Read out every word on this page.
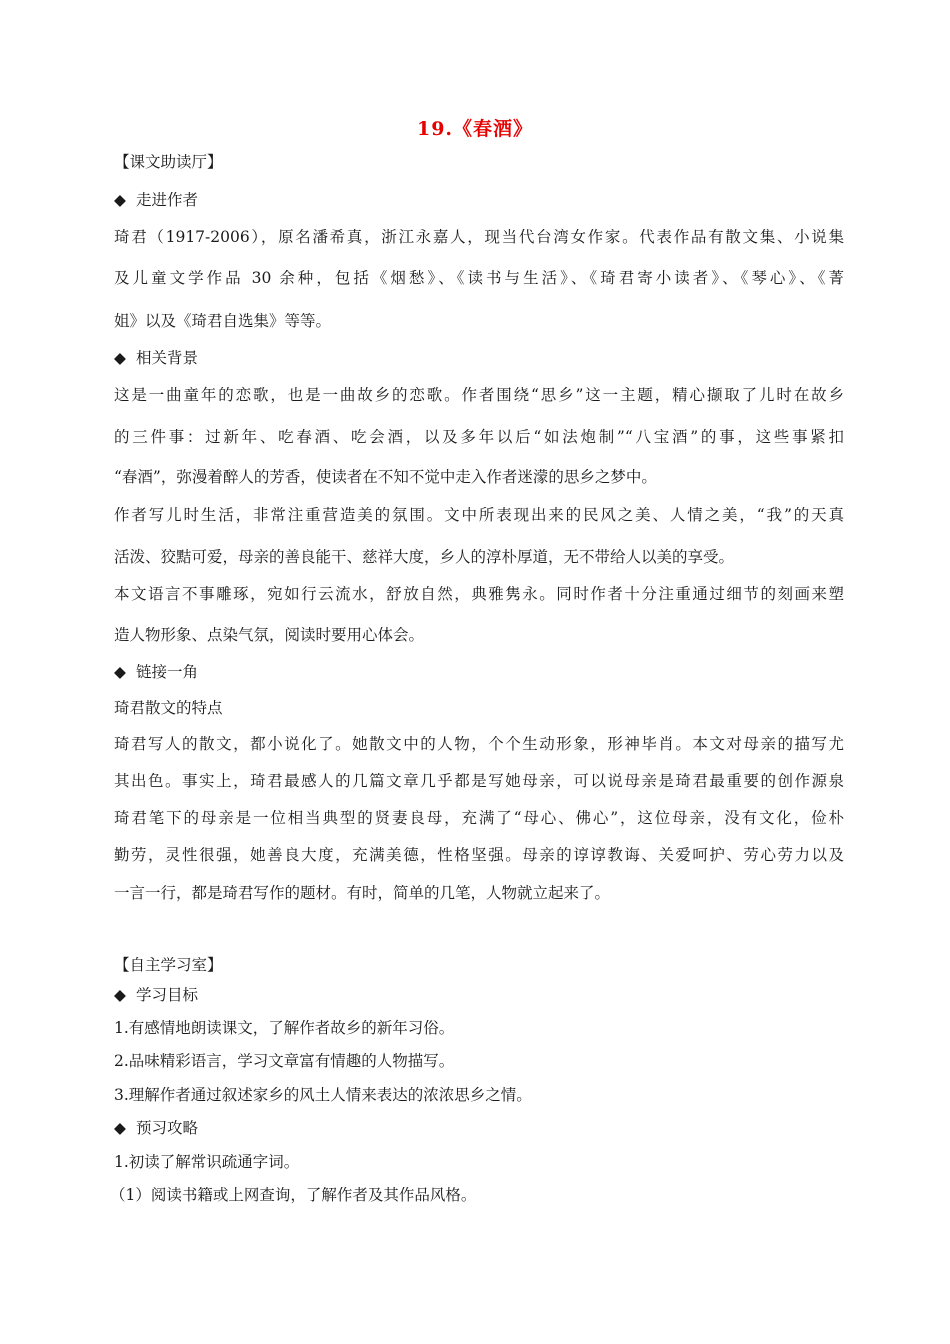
19.《春酒》
【课文助读厅】
◆ 走进作者
琦君（1917-2006），原名潘希真，浙江永嘉人，现当代台湾女作家。代表作品有散文集、小说集
及儿童文学作品 30 余种，包括《烟愁》、《读书与生活》、《琦君寄小读者》、《琴心》、《菁
姐》以及《琦君自选集》等等。
◆ 相关背景
这是一曲童年的恋歌，也是一曲故乡的恋歌。作者围绕“思乡”这一主题，精心撷取了儿时在故乡
的三件事：过新年、吃春酒、吃会酒，以及多年以后“如法炮制”“八宝酒”的事，这些事紧扣
“春酒”，弥漫着醉人的芳香，使读者在不知不觉中走入作者迷濛的思乡之梦中。
作者写儿时生活，非常注重营造美的氛围。文中所表现出来的民风之美、人情之美，“我”的天真
活泼、狡黠可爱，母亲的善良能干、慈祥大度，乡人的淳朴厚道，无不带给人以美的享受。
本文语言不事雕琢，宛如行云流水，舒放自然，典雅隽永。同时作者十分注重通过细节的刻画来塑
造人物形象、点染气氛，阅读时要用心体会。
◆ 链接一角
琦君散文的特点
琦君写人的散文，都小说化了。她散文中的人物，个个生动形象，形神毕肖。本文对母亲的描写尤
其出色。事实上，琦君最感人的几篇文章几乎都是写她母亲，可以说母亲是琦君最重要的创作源泉
琦君笔下的母亲是一位相当典型的贤妻良母，充满了“母心、佛心”，这位母亲，没有文化，俭朴
勤劳，灵性很强，她善良大度，充满美德，性格坚强。母亲的谆谆教诲、关爱呵护、劳心劳力以及
一言一行，都是琦君写作的题材。有时，简单的几笔，人物就立起来了。
【自主学习室】
◆ 学习目标
1.有感情地朗读课文，了解作者故乡的新年习俗。
2.品味精彩语言，学习文章富有情趣的人物描写。
3.理解作者通过叙述家乡的风土人情来表达的浓浓思乡之情。
◆ 预习攻略
1.初读了解常识疏通字词。
（1）阅读书籍或上网查询，了解作者及其作品风格。
